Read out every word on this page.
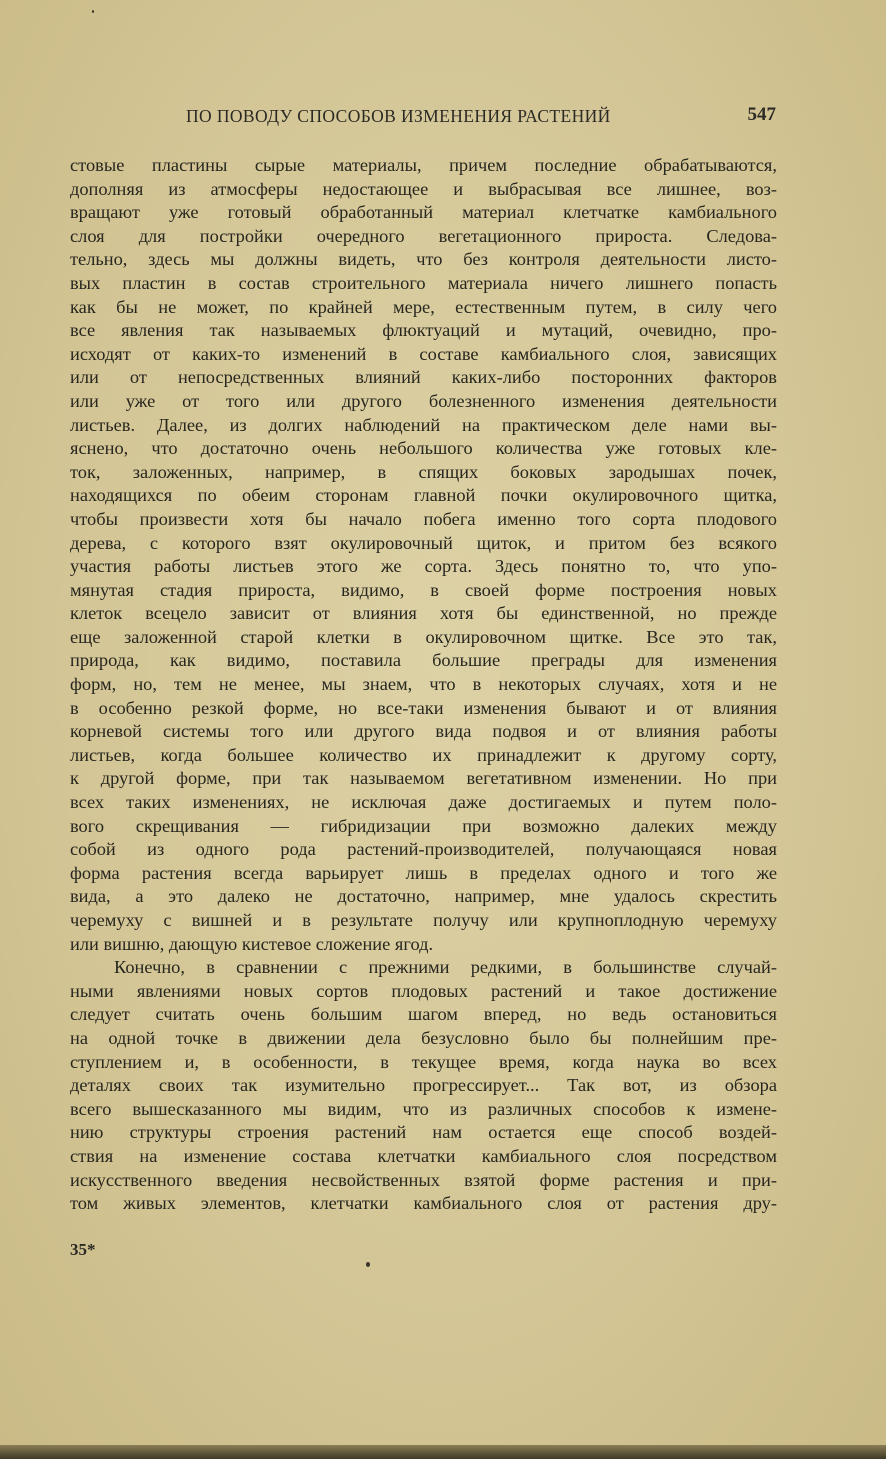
ПО ПОВОДУ СПОСОБОВ ИЗМЕНЕНИЯ РАСТЕНИЙ	547
стовые пластины сырые материалы, причем последние обрабатываются,
дополняя из атмосферы недостающее и выбрасывая все лишнее, воз-
вращают уже готовый обработанный материал клетчатке камбиального
слоя для постройки очередного вегетационного прироста. Следова-
тельно, здесь мы должны видеть, что без контроля деятельности листо-
вых пластин в состав строительного материала ничего лишнего попасть
как бы не может, по крайней мере, естественным путем, в силу чего
все явления так называемых флюктуаций и мутаций, очевидно, про-
исходят от каких-то изменений в составе камбиального слоя, зависящих
или от непосредственных влияний каких-либо посторонних факторов
или уже от того или другого болезненного изменения деятельности
листьев. Далее, из долгих наблюдений на практическом деле нами вы-
яснено, что достаточно очень небольшого количества уже готовых кле-
ток, заложенных, например, в спящих боковых зародышах почек,
находящихся по обеим сторонам главной почки окулировочного щитка,
чтобы произвести хотя бы начало побега именно того сорта плодового
дерева, с которого взят окулировочный щиток, и притом без всякого
участия работы листьев этого же сорта. Здесь понятно то, что упо-
мянутая стадия прироста, видимо, в своей форме построения новых
клеток всецело зависит от влияния хотя бы единственной, но прежде
еще заложенной старой клетки в окулировочном щитке. Все это так,
природа, как видимо, поставила большие преграды для изменения
форм, но, тем не менее, мы знаем, что в некоторых случаях, хотя и не
в особенно резкой форме, но все-таки изменения бывают и от влияния
корневой системы того или другого вида подвоя и от влияния работы
листьев, когда большее количество их принадлежит к другому сорту,
к другой форме, при так называемом вегетативном изменении. Но при
всех таких изменениях, не исключая даже достигаемых и путем поло-
вого скрещивания — гибридизации при возможно далеких между
собой из одного рода растений-производителей, получающаяся новая
форма растения всегда варьирует лишь в пределах одного и того же
вида, а это далеко не достаточно, например, мне удалось скрестить
черемуху с вишней и в результате получу или крупноплодную черемуху
или вишню, дающую кистевое сложение ягод.
Конечно, в сравнении с прежними редкими, в большинстве случай-
ными явлениями новых сортов плодовых растений и такое достижение
следует считать очень большим шагом вперед, но ведь остановиться
на одной точке в движении дела безусловно было бы полнейшим пре-
ступлением и, в особенности, в текущее время, когда наука во всех
деталях своих так изумительно прогрессирует... Так вот, из обзора
всего вышесказанного мы видим, что из различных способов к измене-
нию структуры строения растений нам остается еще способ воздей-
ствия на изменение состава клетчатки камбиального слоя посредством
искусственного введения несвойственных взятой форме растения и при-
том живых элементов, клетчатки камбиального слоя от растения дру-
35*
